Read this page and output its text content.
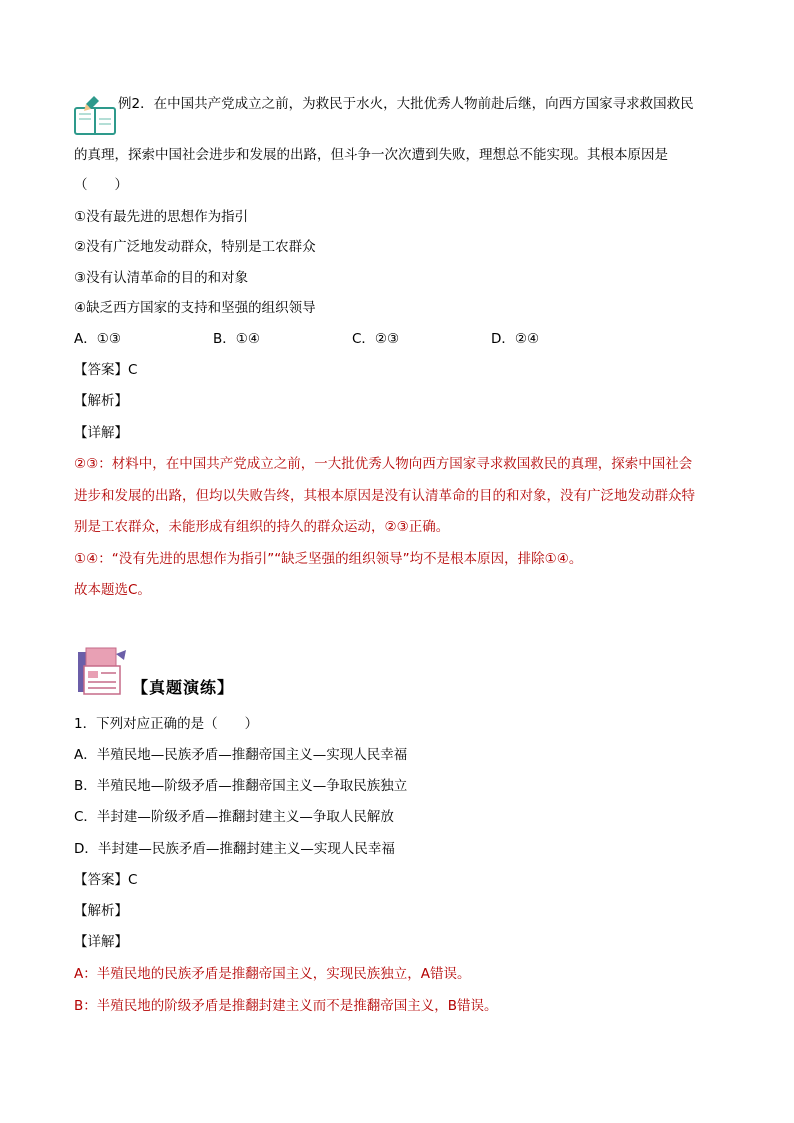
例2．在中国共产党成立之前，为救民于水火，大批优秀人物前赴后继，向西方国家寻求救国救民
的真理，探索中国社会进步和发展的出路，但斗争一次次遭到失败，理想总不能实现。其根本原因是
（　　）
①没有最先进的思想作为指引
②没有广泛地发动群众，特别是工农群众
③没有认清革命的目的和对象
④缺乏西方国家的支持和坚强的组织领导
A．①③	B．①④	C．②③	D．②④
【答案】C
【解析】
【详解】
②③：材料中，在中国共产党成立之前，一大批优秀人物向西方国家寻求救国救民的真理，探索中国社会
进步和发展的出路，但均以失败告终，其根本原因是没有认清革命的目的和对象，没有广泛地发动群众特
别是工农群众，未能形成有组织的持久的群众运动，②③正确。
①④：“没有先进的思想作为指引”“缺乏坚强的组织领导”均不是根本原因，排除①④。
故本题选C。
【真题演练】
1．下列对应正确的是（　　）
A．半殖民地—民族矛盾—推翻帝国主义—实现人民幸福
B．半殖民地—阶级矛盾—推翻帝国主义—争取民族独立
C．半封建—阶级矛盾—推翻封建主义—争取人民解放
D．半封建—民族矛盾—推翻封建主义—实现人民幸福
【答案】C
【解析】
【详解】
A：半殖民地的民族矛盾是推翻帝国主义，实现民族独立，A错误。
B：半殖民地的阶级矛盾是推翻封建主义而不是推翻帝国主义，B错误。
